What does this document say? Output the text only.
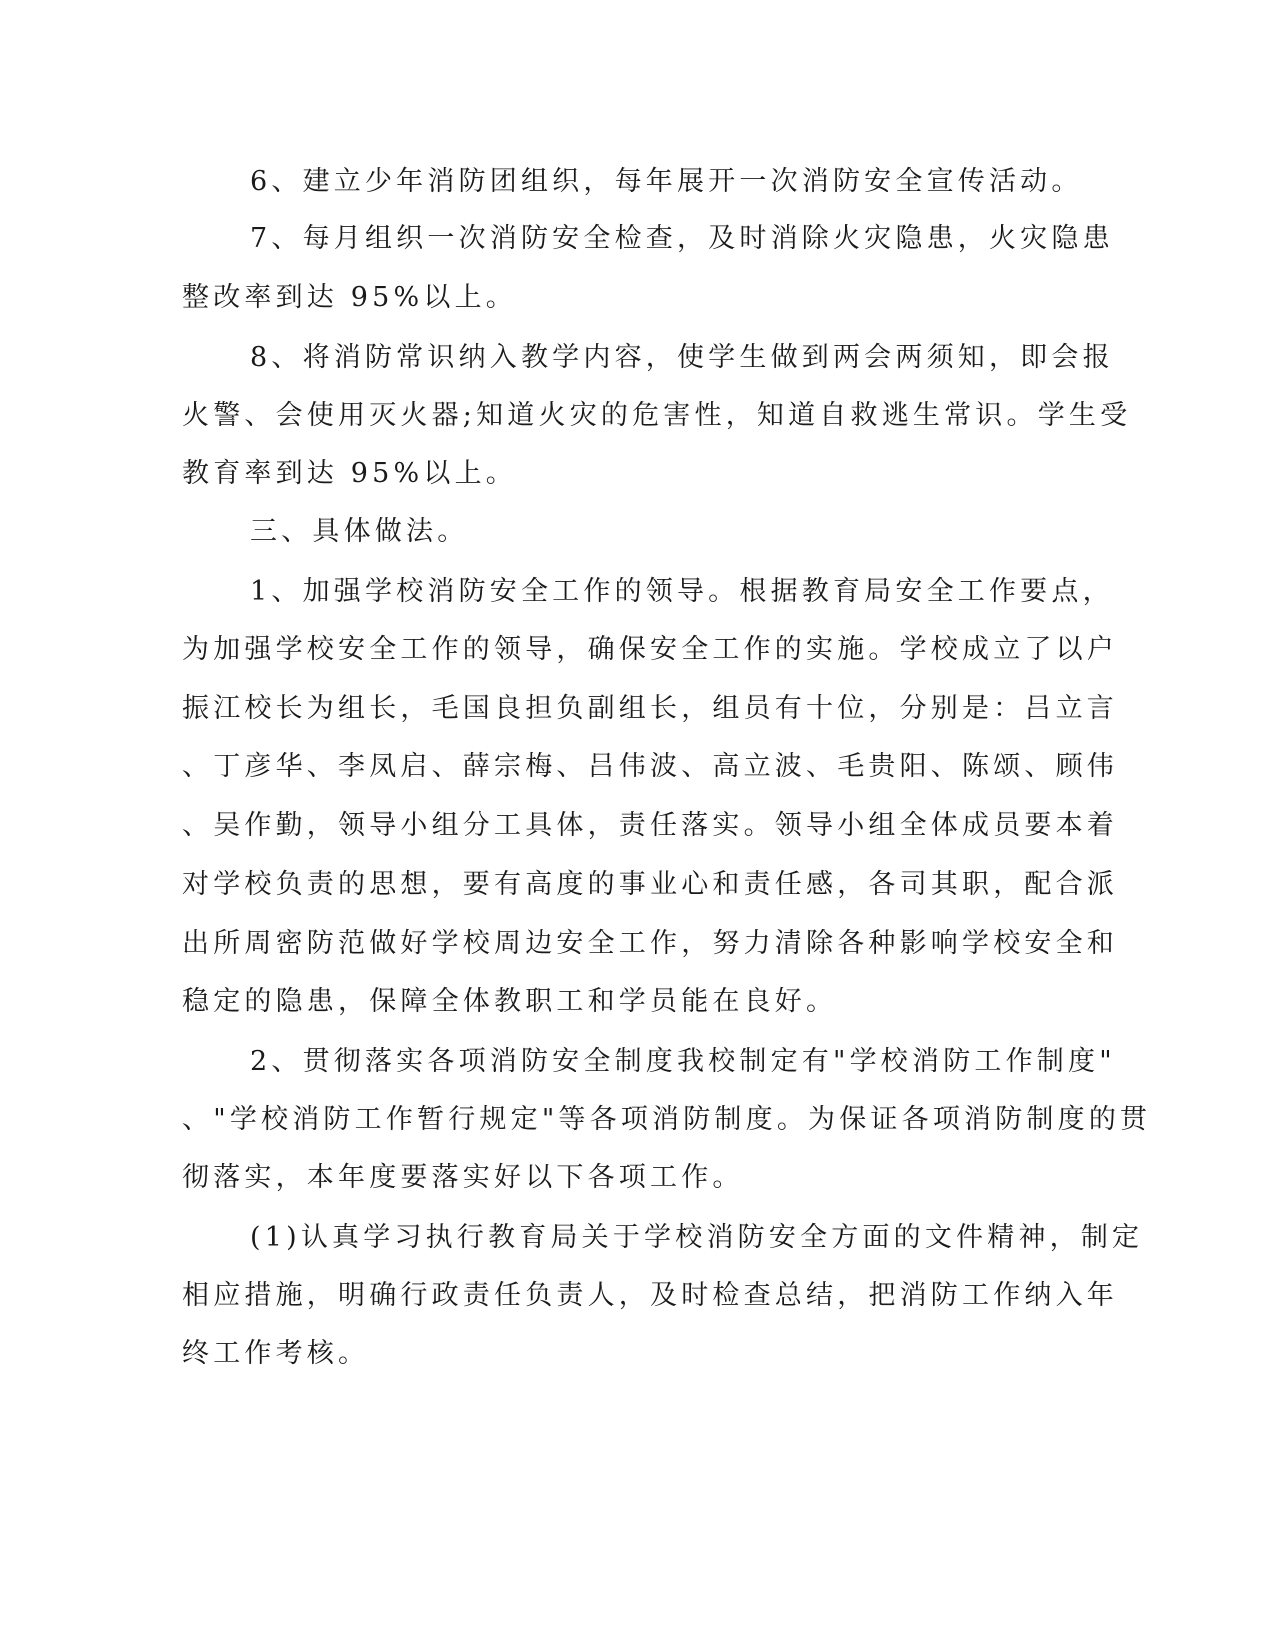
6、建立少年消防团组织，每年展开一次消防安全宣传活动。
7、每月组织一次消防安全检查，及时消除火灾隐患，火灾隐患
整改率到达 95%以上。
8、将消防常识纳入教学内容，使学生做到两会两须知，即会报
火警、会使用灭火器;知道火灾的危害性，知道自救逃生常识。学生受
教育率到达 95%以上。
三、具体做法。
1、加强学校消防安全工作的领导。根据教育局安全工作要点，
为加强学校安全工作的领导，确保安全工作的实施。学校成立了以户
振江校长为组长，毛国良担负副组长，组员有十位，分别是：吕立言
、丁彦华、李凤启、薛宗梅、吕伟波、高立波、毛贵阳、陈颂、顾伟
、吴作勤，领导小组分工具体，责任落实。领导小组全体成员要本着
对学校负责的思想，要有高度的事业心和责任感，各司其职，配合派
出所周密防范做好学校周边安全工作，努力清除各种影响学校安全和
稳定的隐患，保障全体教职工和学员能在良好。
2、贯彻落实各项消防安全制度我校制定有"学校消防工作制度"
、"学校消防工作暂行规定"等各项消防制度。为保证各项消防制度的贯
彻落实，本年度要落实好以下各项工作。
(1)认真学习执行教育局关于学校消防安全方面的文件精神，制定
相应措施，明确行政责任负责人，及时检查总结，把消防工作纳入年
终工作考核。
